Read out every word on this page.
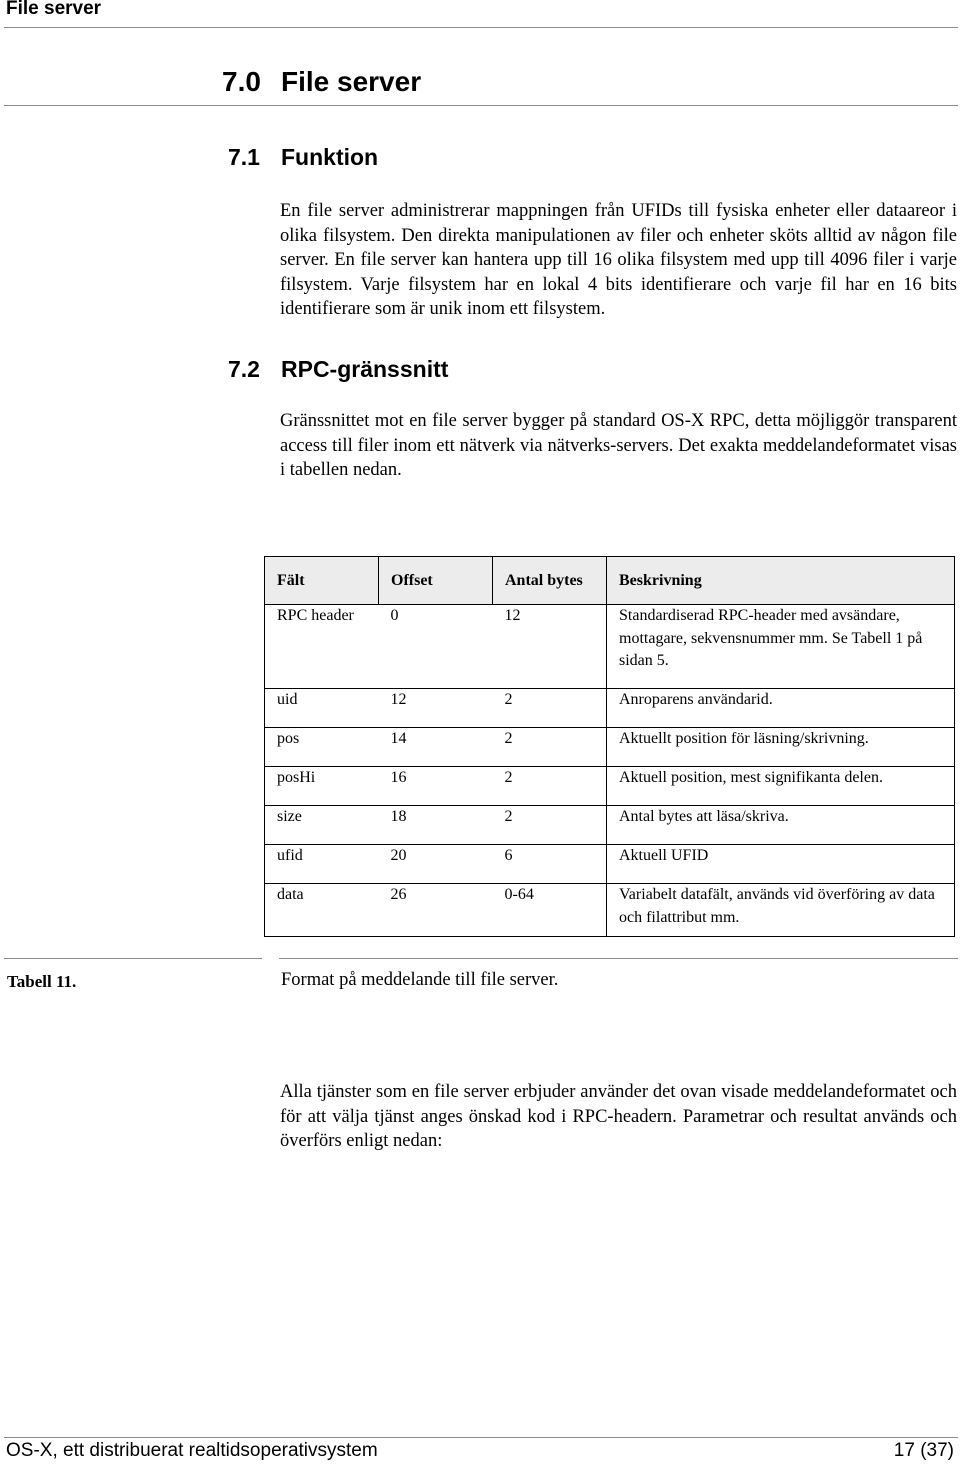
File server
7.0 File server
7.1 Funktion
En file server administrerar mappningen från UFIDs till fysiska enheter eller dataareor i olika filsystem. Den direkta manipulationen av filer och enheter sköts alltid av någon file server. En file server kan hantera upp till 16 olika filsystem med upp till 4096 filer i varje filsystem. Varje filsystem har en lokal 4 bits identifierare och varje fil har en 16 bits identifierare som är unik inom ett filsystem.
7.2 RPC-gränssnitt
Gränssnittet mot en file server bygger på standard OS-X RPC, detta möjliggör transparent access till filer inom ett nätverk via nätverks-servers. Det exakta meddelandeformatet visas i tabellen nedan.
Fält	Offset	Antal bytes	Beskrivning
RPC header	0	12	Standardiserad RPC-header med avsändare, mottagare, sekvensnummer mm. Se Tabell 1 på sidan 5.
uid	12	2	Anroparens användarid.
pos	14	2	Aktuellt position för läsning/skrivning.
posHi	16	2	Aktuell position, mest signifikanta delen.
size	18	2	Antal bytes att läsa/skriva.
ufid	20	6	Aktuell UFID
data	26	0-64	Variabelt datafält, används vid överföring av data och filattribut mm.
Tabell 11.	Format på meddelande till file server.
Alla tjänster som en file server erbjuder använder det ovan visade meddelandeformatet och för att välja tjänst anges önskad kod i RPC-headern. Parametrar och resultat används och överförs enligt nedan:
OS-X, ett distribuerat realtidsoperativsystem	17 (37)
